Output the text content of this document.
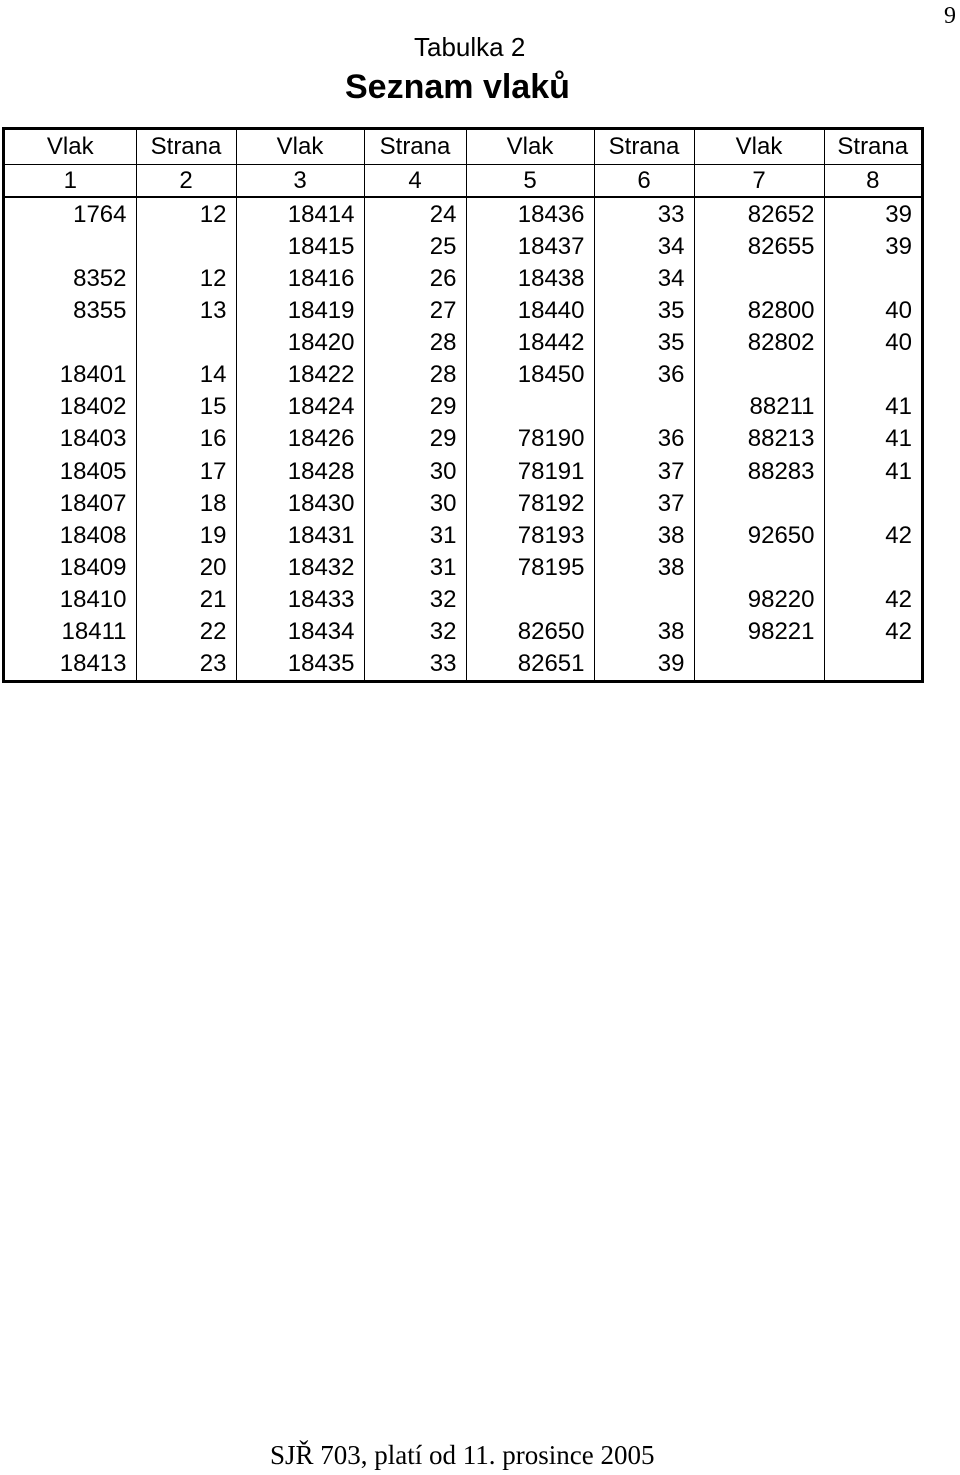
9
Tabulka 2
Seznam vlaků
Vlak	Strana	Vlak	Strana	Vlak	Strana	Vlak	Strana
1	2	3	4	5	6	7	8
1764	12	18414	24	18436	33	82652	39
		18415	25	18437	34	82655	39
8352	12	18416	26	18438	34		
8355	13	18419	27	18440	35	82800	40
		18420	28	18442	35	82802	40
18401	14	18422	28	18450	36		
18402	15	18424	29			88211	41
18403	16	18426	29	78190	36	88213	41
18405	17	18428	30	78191	37	88283	41
18407	18	18430	30	78192	37		
18408	19	18431	31	78193	38	92650	42
18409	20	18432	31	78195	38		
18410	21	18433	32			98220	42
18411	22	18434	32	82650	38	98221	42
18413	23	18435	33	82651	39		
SJŘ 703, platí od 11. prosince 2005
